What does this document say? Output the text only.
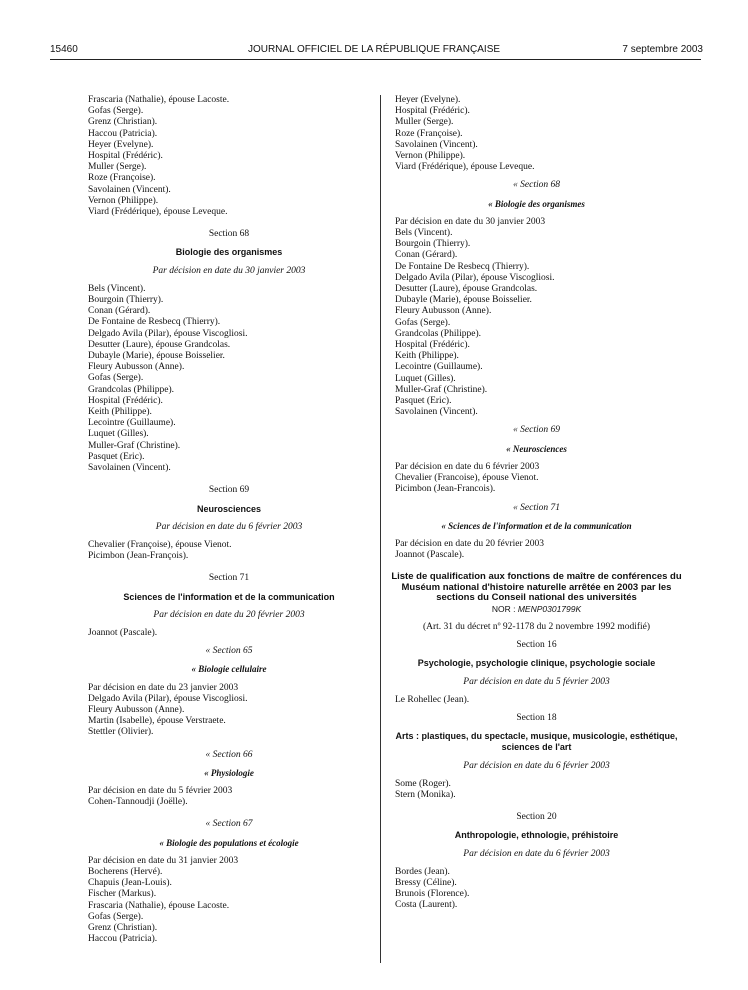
15460	JOURNAL OFFICIEL DE LA RÉPUBLIQUE FRANÇAISE	7 septembre 2003
Frascaria (Nathalie), épouse Lacoste.
Gofas (Serge).
Grenz (Christian).
Haccou (Patricia).
Heyer (Evelyne).
Hospital (Frédéric).
Muller (Serge).
Roze (Françoise).
Savolainen (Vincent).
Vernon (Philippe).
Viard (Frédérique), épouse Leveque.
Section 68
Biologie des organismes
Par décision en date du 30 janvier 2003
Bels (Vincent).
Bourgoin (Thierry).
Conan (Gérard).
De Fontaine de Resbecq (Thierry).
Delgado Avila (Pilar), épouse Viscogliosi.
Desutter (Laure), épouse Grandcolas.
Dubayle (Marie), épouse Boisselier.
Fleury Aubusson (Anne).
Gofas (Serge).
Grandcolas (Philippe).
Hospital (Frédéric).
Keith (Philippe).
Lecointre (Guillaume).
Luquet (Gilles).
Muller-Graf (Christine).
Pasquet (Eric).
Savolainen (Vincent).
Section 69
Neurosciences
Par décision en date du 6 février 2003
Chevalier (Françoise), épouse Vienot.
Picimbon (Jean-François).
Section 71
Sciences de l'information et de la communication
Par décision en date du 20 février 2003
Joannot (Pascale).
« Section 65
« Biologie cellulaire
Par décision en date du 23 janvier 2003
Delgado Avila (Pilar), épouse Viscogliosi.
Fleury Aubusson (Anne).
Martin (Isabelle), épouse Verstraete.
Stettler (Olivier).
« Section 66
« Physiologie
Par décision en date du 5 février 2003
Cohen-Tannoudji (Joëlle).
« Section 67
« Biologie des populations et écologie
Par décision en date du 31 janvier 2003
Bocherens (Hervé).
Chapuis (Jean-Louis).
Fischer (Markus).
Frascaria (Nathalie), épouse Lacoste.
Gofas (Serge).
Grenz (Christian).
Haccou (Patricia).
Heyer (Evelyne).
Hospital (Frédéric).
Muller (Serge).
Roze (Françoise).
Savolainen (Vincent).
Vernon (Philippe).
Viard (Frédérique), épouse Leveque.
« Section 68
« Biologie des organismes
Par décision en date du 30 janvier 2003
Bels (Vincent).
Bourgoin (Thierry).
Conan (Gérard).
De Fontaine De Resbecq (Thierry).
Delgado Avila (Pilar), épouse Viscogliosi.
Desutter (Laure), épouse Grandcolas.
Dubayle (Marie), épouse Boisselier.
Fleury Aubusson (Anne).
Gofas (Serge).
Grandcolas (Philippe).
Hospital (Frédéric).
Keith (Philippe).
Lecointre (Guillaume).
Luquet (Gilles).
Muller-Graf (Christine).
Pasquet (Eric).
Savolainen (Vincent).
« Section 69
« Neurosciences
Par décision en date du 6 février 2003
Chevalier (Francoise), épouse Vienot.
Picimbon (Jean-Francois).
« Section 71
« Sciences de l'information et de la communication
Par décision en date du 20 février 2003
Joannot (Pascale).
Liste de qualification aux fonctions de maître de conférences du Muséum national d'histoire naturelle arrêtée en 2003 par les sections du Conseil national des universités
NOR : MENP0301799K
(Art. 31 du décret nº 92-1178 du 2 novembre 1992 modifié)
Section 16
Psychologie, psychologie clinique, psychologie sociale
Par décision en date du 5 février 2003
Le Rohellec (Jean).
Section 18
Arts : plastiques, du spectacle, musique, musicologie, esthétique, sciences de l'art
Par décision en date du 6 février 2003
Some (Roger).
Stern (Monika).
Section 20
Anthropologie, ethnologie, préhistoire
Par décision en date du 6 février 2003
Bordes (Jean).
Bressy (Céline).
Brunois (Florence).
Costa (Laurent).
